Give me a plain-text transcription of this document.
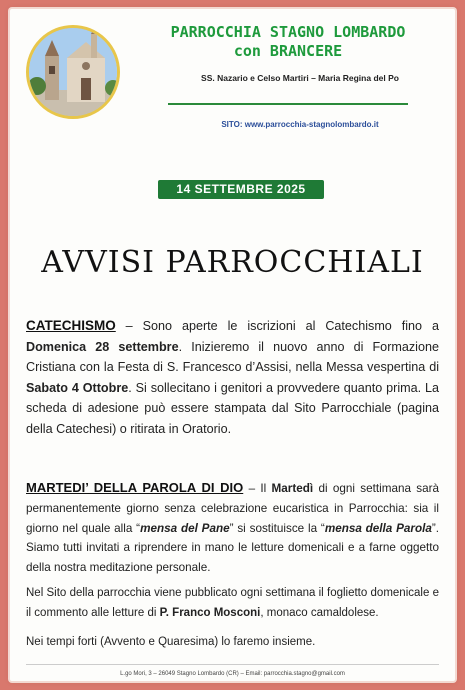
PARROCCHIA STAGNO LOMBARDO
con BRANCERE
SS. Nazario e Celso Martiri – Maria Regina del Po
SITO: www.parrocchia-stagnolombardo.it
14 SETTEMBRE 2025
AVVISI PARROCCHIALI
CATECHISMO – Sono aperte le iscrizioni al Catechismo fino a Domenica 28 settembre. Inizieremo il nuovo anno di Formazione Cristiana con la Festa di S. Francesco d’Assisi, nella Messa vespertina di Sabato 4 Ottobre. Si sollecitano i genitori a provvedere quanto prima. La scheda di adesione può essere stampata dal Sito Parrocchiale (pagina della Catechesi) o ritirata in Oratorio.
MARTEDI’ DELLA PAROLA DI DIO – Il Martedì di ogni settimana sarà permanentemente giorno senza celebrazione eucaristica in Parrocchia: sia il giorno nel quale alla “mensa del Pane” si sostituisce la “mensa della Parola”. Siamo tutti invitati a riprendere in mano le letture domenicali e a farne oggetto della nostra meditazione personale.
Nel Sito della parrocchia viene pubblicato ogni settimana il foglietto domenicale e il commento alle letture di P. Franco Mosconi, monaco camaldolese.
Nei tempi forti (Avvento e Quaresima) lo faremo insieme.
L.go Mori, 3 – 26049 Stagno Lombardo (CR) – Email: parrocchia.stagno@gmail.com
